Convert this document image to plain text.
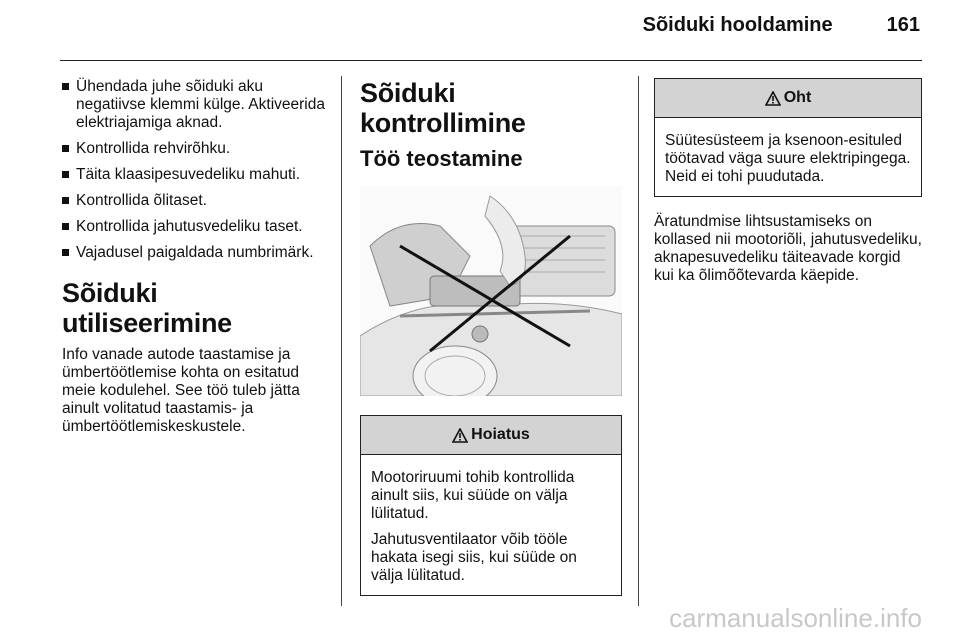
Sõiduki hooldamine	161
Ühendada juhe sõiduki aku negatiivse klemmi külge. Aktiveerida elektriajamiga aknad.
Kontrollida rehvirõhku.
Täita klaasipesuvedeliku mahuti.
Kontrollida õlitaset.
Kontrollida jahutusvedeliku taset.
Vajadusel paigaldada numbrimärk.
Sõiduki utiliseerimine

Info vanade autode taastamise ja ümbertöötlemise kohta on esitatud meie kodulehel. See töö tuleb jätta ainult volitatud taastamis- ja ümbertöötlemiskeskustele.

Sõiduki kontrollimine
Töö teostamine
Hoiatus

Mootoriruumi tohib kontrollida ainult siis, kui süüde on välja lülitatud.

Jahutusventilaator võib tööle hakata isegi siis, kui süüde on välja lülitatud.

Oht

Süütesüsteem ja ksenoon-esituled töötavad väga suure elektripingega. Neid ei tohi puudutada.

Äratundmise lihtsustamiseks on kollased nii mootoriõli, jahutusvedeliku, aknapesuvedeliku täiteavade korgid kui ka õlimõõtevarda käepide.

carmanualsonline.info
